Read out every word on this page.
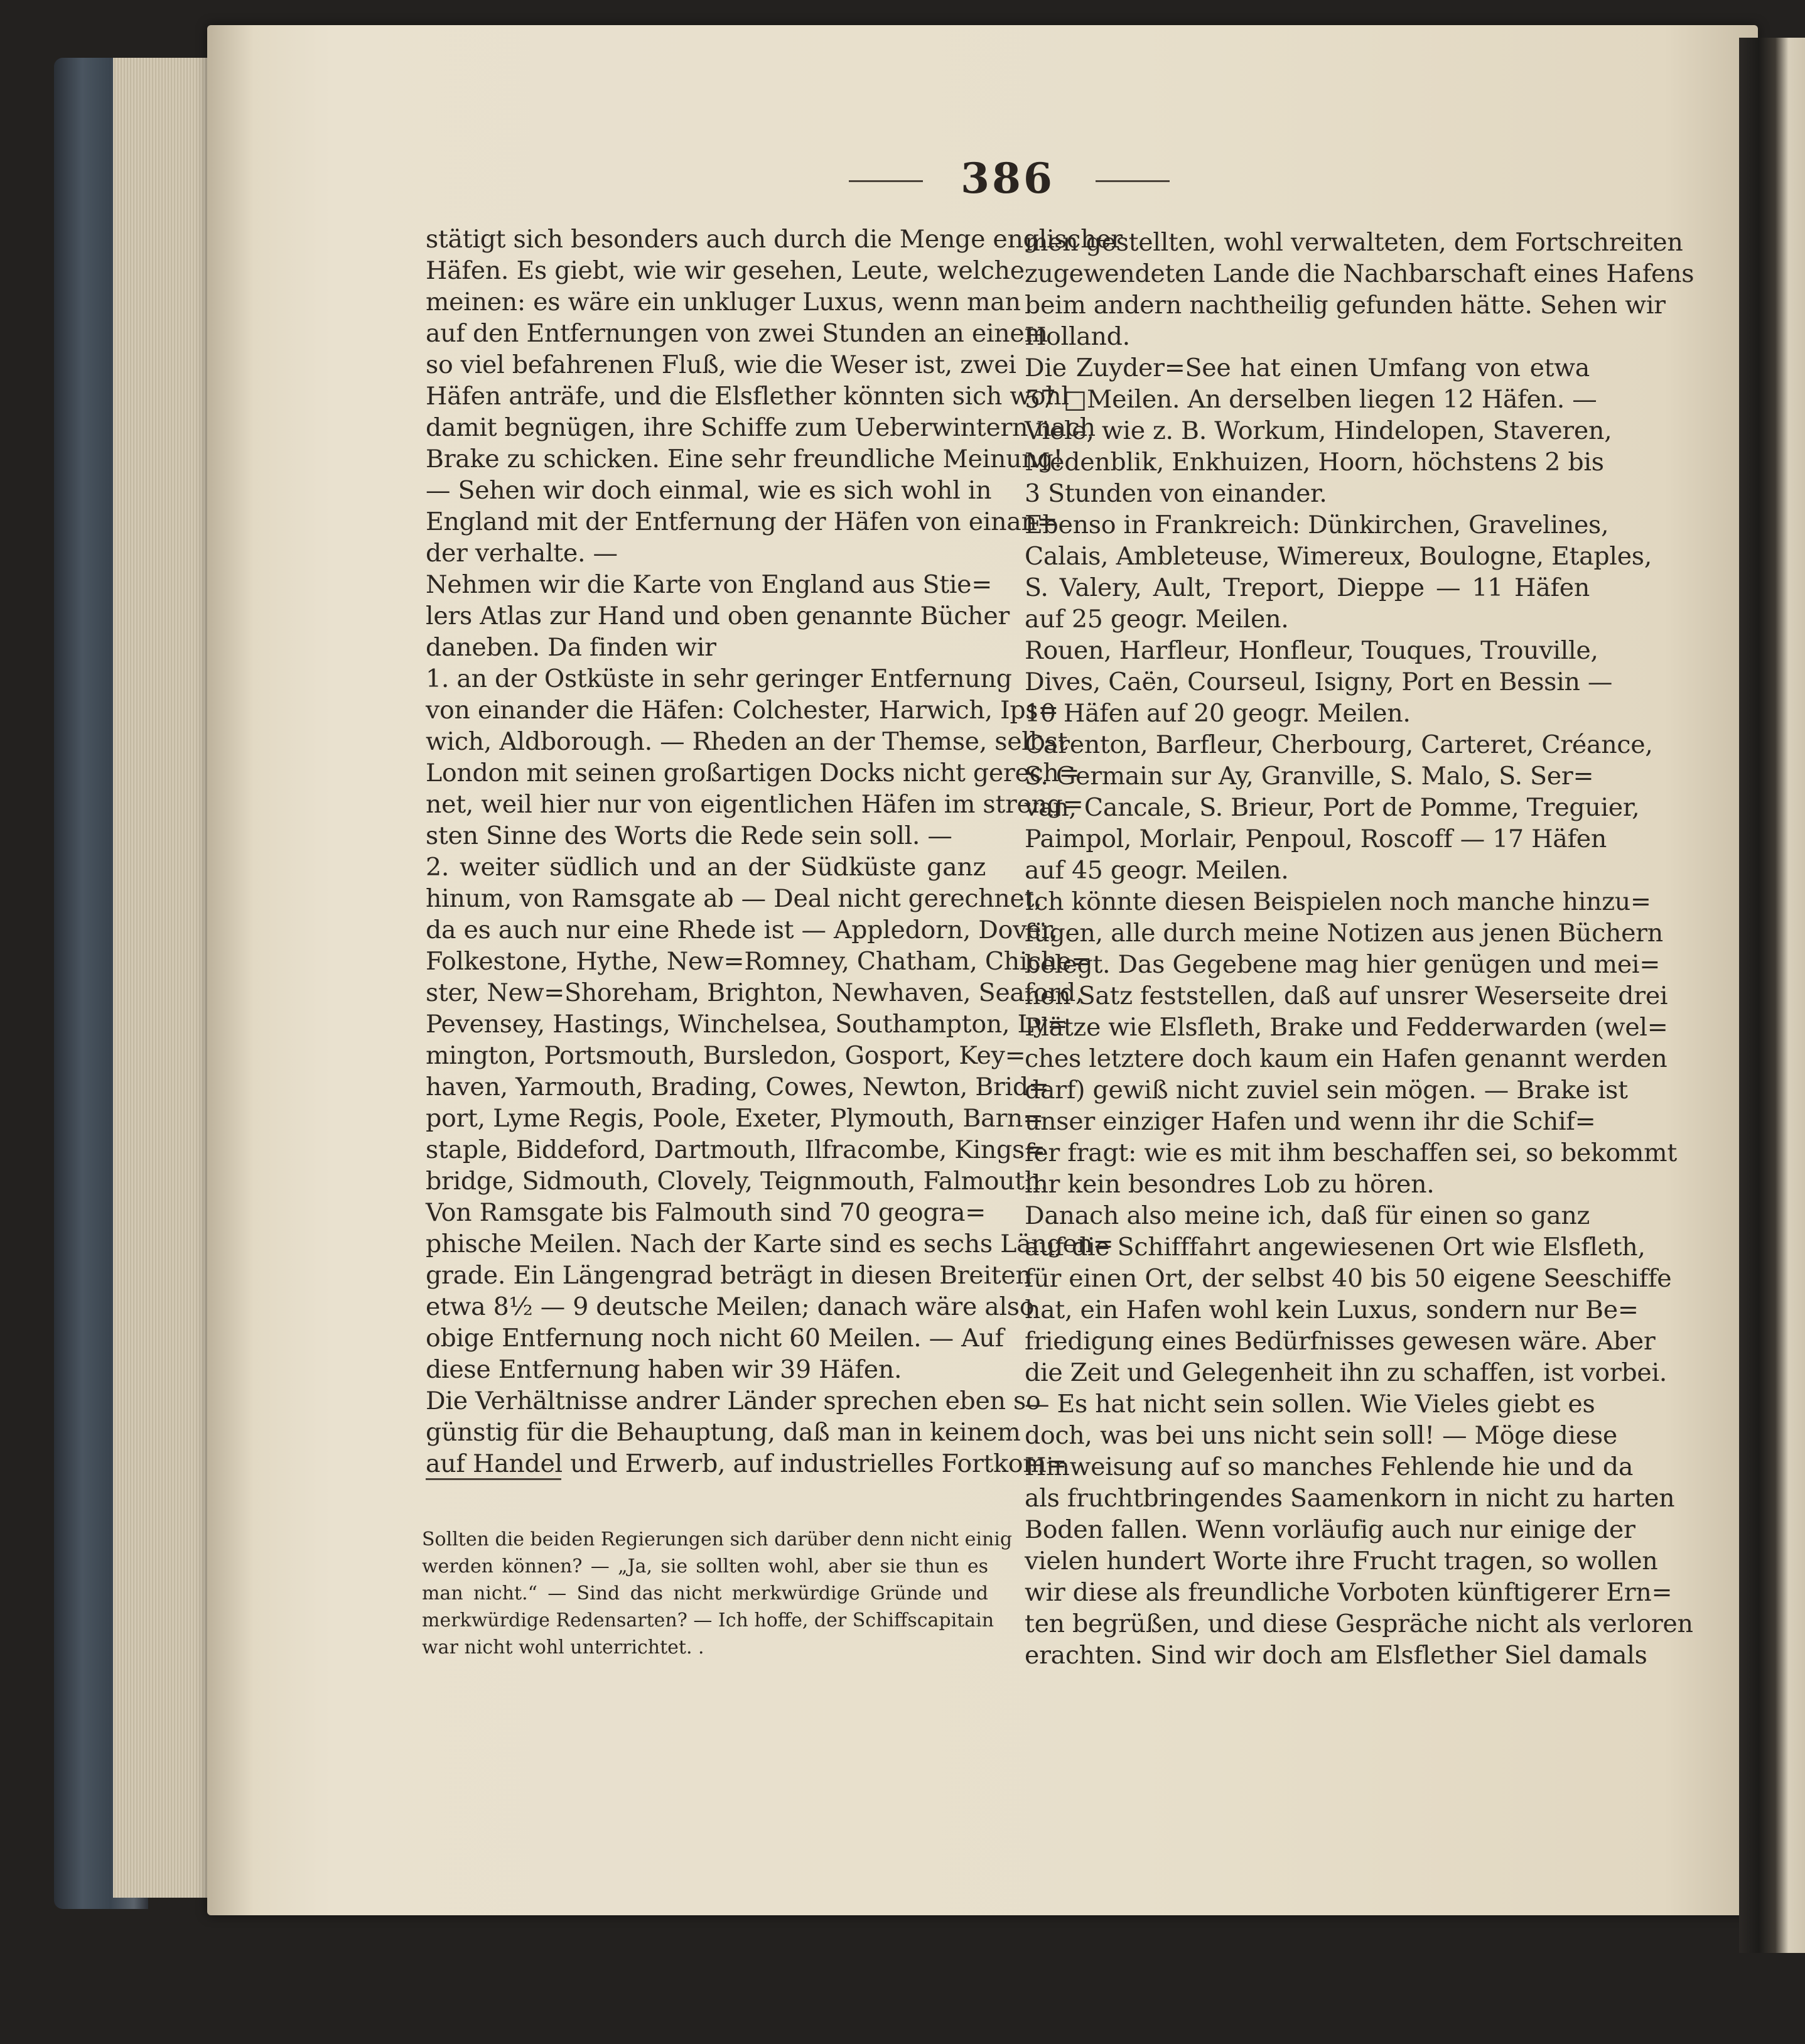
386

stätigt sich besonders auch durch die Menge englischer

Häfen. Es giebt, wie wir gesehen, Leute, welche

meinen: es wäre ein unkluger Luxus, wenn man

auf den Entfernungen von zwei Stunden an einem

so viel befahrenen Fluß, wie die Weser ist, zwei

Häfen anträfe, und die Elsflether könnten sich wohl

damit begnügen, ihre Schiffe zum Ueberwintern nach

Brake zu schicken. Eine sehr freundliche Meinung!

— Sehen wir doch einmal, wie es sich wohl in

England mit der Entfernung der Häfen von einan=

der verhalte. —

Nehmen wir die Karte von England aus Stie=

lers Atlas zur Hand und oben genannte Bücher

daneben. Da finden wir

1. an der Ostküste in sehr geringer Entfernung

von einander die Häfen: Colchester, Harwich, Ips=

wich, Aldborough. — Rheden an der Themse, selbst

London mit seinen großartigen Docks nicht gerech=

net, weil hier nur von eigentlichen Häfen im streng=

sten Sinne des Worts die Rede sein soll. —

2. weiter südlich und an der Südküste ganz

hinum, von Ramsgate ab — Deal nicht gerechnet,

da es auch nur eine Rhede ist — Appledorn, Dover,

Folkestone, Hythe, New=Romney, Chatham, Chiche=

ster, New=Shoreham, Brighton, Newhaven, Seaford,

Pevensey, Hastings, Winchelsea, Southampton, Ly=

mington, Portsmouth, Bursledon, Gosport, Key=

haven, Yarmouth, Brading, Cowes, Newton, Brid=

port, Lyme Regis, Poole, Exeter, Plymouth, Barn=

staple, Biddeford, Dartmouth, Ilfracombe, Kings=

bridge, Sidmouth, Clovely, Teignmouth, Falmouth.

Von Ramsgate bis Falmouth sind 70 geogra=

phische Meilen. Nach der Karte sind es sechs Längen=

grade. Ein Längengrad beträgt in diesen Breiten

etwa 8½ — 9 deutsche Meilen; danach wäre also

obige Entfernung noch nicht 60 Meilen. — Auf

diese Entfernung haben wir 39 Häfen.

Die Verhältnisse andrer Länder sprechen eben so

günstig für die Behauptung, daß man in keinem

auf Handel und Erwerb, auf industrielles Fortkom=

Sollten die beiden Regierungen sich darüber denn nicht einig

werden können? — „Ja, sie sollten wohl, aber sie thun es

man nicht.“ — Sind das nicht merkwürdige Gründe und

merkwürdige Redensarten? — Ich hoffe, der Schiffscapitain

war nicht wohl unterrichtet. .

men gestellten, wohl verwalteten, dem Fortschreiten

zugewendeten Lande die Nachbarschaft eines Hafens

beim andern nachtheilig gefunden hätte. Sehen wir

Holland.

Die Zuyder=See hat einen Umfang von etwa

57 □Meilen. An derselben liegen 12 Häfen. —

Viele, wie z. B. Workum, Hindelopen, Staveren,

Medenblik, Enkhuizen, Hoorn, höchstens 2 bis

3 Stunden von einander.

Ebenso in Frankreich: Dünkirchen, Gravelines,

Calais, Ambleteuse, Wimereux, Boulogne, Etaples,

S. Valery, Ault, Treport, Dieppe — 11 Häfen

auf 25 geogr. Meilen.

Rouen, Harfleur, Honfleur, Touques, Trouville,

Dives, Caën, Courseul, Isigny, Port en Bessin —

10 Häfen auf 20 geogr. Meilen.

Carenton, Barfleur, Cherbourg, Carteret, Créance,

S. Germain sur Ay, Granville, S. Malo, S. Ser=

van, Cancale, S. Brieur, Port de Pomme, Treguier,

Paimpol, Morlair, Penpoul, Roscoff — 17 Häfen

auf 45 geogr. Meilen.

Ich könnte diesen Beispielen noch manche hinzu=

fügen, alle durch meine Notizen aus jenen Büchern

belegt. Das Gegebene mag hier genügen und mei=

nen Satz feststellen, daß auf unsrer Weserseite drei

Plätze wie Elsfleth, Brake und Fedderwarden (wel=

ches letztere doch kaum ein Hafen genannt werden

darf) gewiß nicht zuviel sein mögen. — Brake ist

unser einziger Hafen und wenn ihr die Schif=

fer fragt: wie es mit ihm beschaffen sei, so bekommt

ihr kein besondres Lob zu hören.

Danach also meine ich, daß für einen so ganz

auf die Schifffahrt angewiesenen Ort wie Elsfleth,

für einen Ort, der selbst 40 bis 50 eigene Seeschiffe

hat, ein Hafen wohl kein Luxus, sondern nur Be=

friedigung eines Bedürfnisses gewesen wäre. Aber

die Zeit und Gelegenheit ihn zu schaffen, ist vorbei.

— Es hat nicht sein sollen. Wie Vieles giebt es

doch, was bei uns nicht sein soll! — Möge diese

Hinweisung auf so manches Fehlende hie und da

als fruchtbringendes Saamenkorn in nicht zu harten

Boden fallen. Wenn vorläufig auch nur einige der

vielen hundert Worte ihre Frucht tragen, so wollen

wir diese als freundliche Vorboten künftigerer Ern=

ten begrüßen, und diese Gespräche nicht als verloren

erachten. Sind wir doch am Elsflether Siel damals
